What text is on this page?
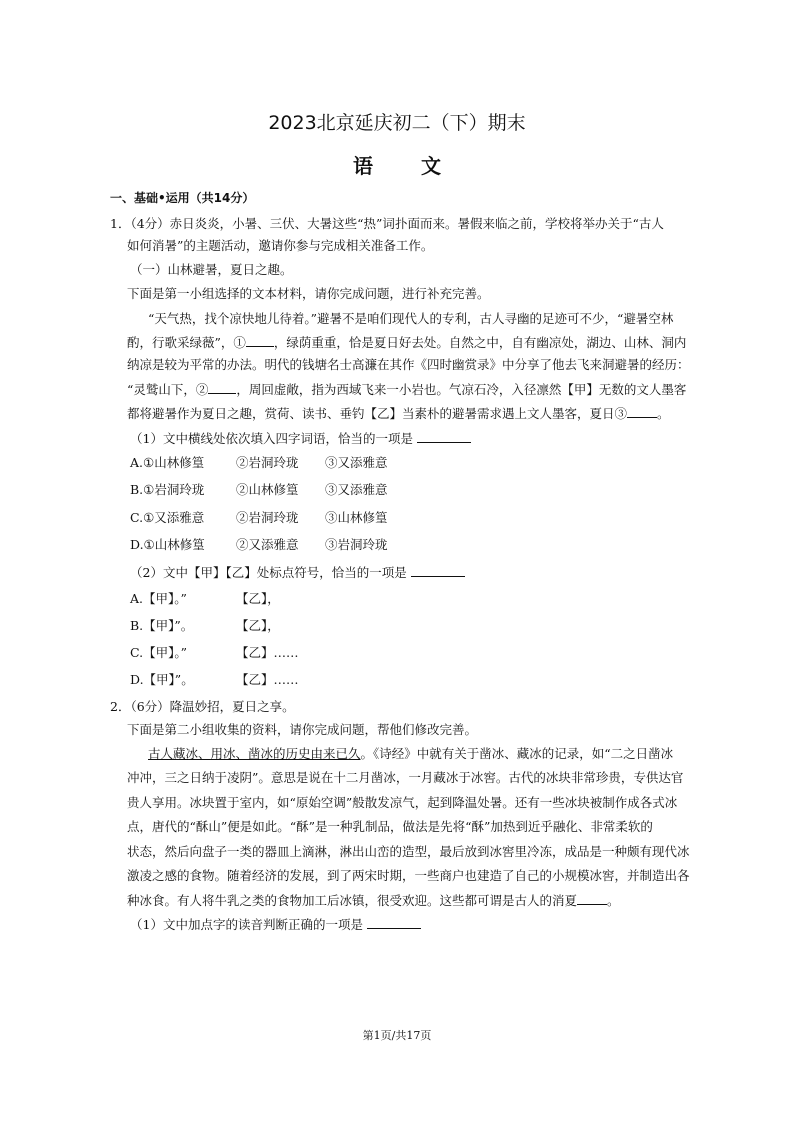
2023北京延庆初二（下）期末
语 文
一、基础•运用（共14分）
1．（4分）赤日炎炎，小暑、三伏、大暑这些“热”词扑面而来。暑假来临之前，学校将举办关于“古人
如何消暑”的主题活动，邀请你参与完成相关准备工作。
（一）山林避暑，夏日之趣。
下面是第一小组选择的文本材料，请你完成问题，进行补充完善。
“天气热，找个凉快地儿待着。”避暑不是咱们现代人的专利，古人寻幽的足迹可不少，“避暑空林
酌，行歌采绿薇”，① ，绿荫重重，恰是夏日好去处。自然之中，自有幽凉处，湖边、山林、洞内
纳凉是较为平常的办法。明代的钱塘名士高濂在其作《四时幽赏录》中分享了他去飞来洞避暑的经历：
“灵鹫山下，② ，周回虚敞，指为西域飞来一小岩也。气凉石冷，入径凛然【甲】无数的文人墨客
都将避暑作为夏日之趣，赏荷、读书、垂钓【乙】当素朴的避暑需求遇上文人墨客，夏日③ 。
（1）文中横线处依次填入四字词语，恰当的一项是
A.①山林修篁	②岩洞玲珑 ③又添雅意
B.①岩洞玲珑	②山林修篁 ③又添雅意
C.①又添雅意	②岩洞玲珑 ③山林修篁
D.①山林修篁 ②又添雅意 ③岩洞玲珑
（2）文中【甲】【乙】处标点符号，恰当的一项是
A.【甲】。”	【乙】，
B.【甲】”。	【乙】，
C.【甲】。”	【乙】……
D.【甲】”。	【乙】……
2．（6分）降温妙招，夏日之享。
下面是第二小组收集的资料，请你完成问题，帮他们修改完善。
古人藏冰、用冰、凿冰的历史由来已久。《诗经》中就有关于凿冰、藏冰的记录，如“二之日凿冰
冲冲，三之日纳于凌阴”。意思是说在十二月凿冰，一月藏冰于冰窖。古代的冰块非常珍贵，专供达官
贵人享用。冰块置于室内，如“原始空调”般散发凉气，起到降温处暑。还有一些冰块被制作成各式冰
点，唐代的“酥山”便是如此。“酥”是一种乳制品，做法是先将“酥”加热到近乎融化、非常柔软的
状态，然后向盘子一类的器皿上滴淋，淋出山峦的造型，最后放到冰窖里冷冻，成品是一种颇有现代冰
激凌之感的食物。随着经济的发展，到了两宋时期，一些商户也建造了自己的小规模冰窖，并制造出各
种冰食。有人将牛乳之类的食物加工后冰镇，很受欢迎。这些都可谓是古人的消夏 。
（1）文中加点字的读音判断正确的一项是
第1页/共17页
